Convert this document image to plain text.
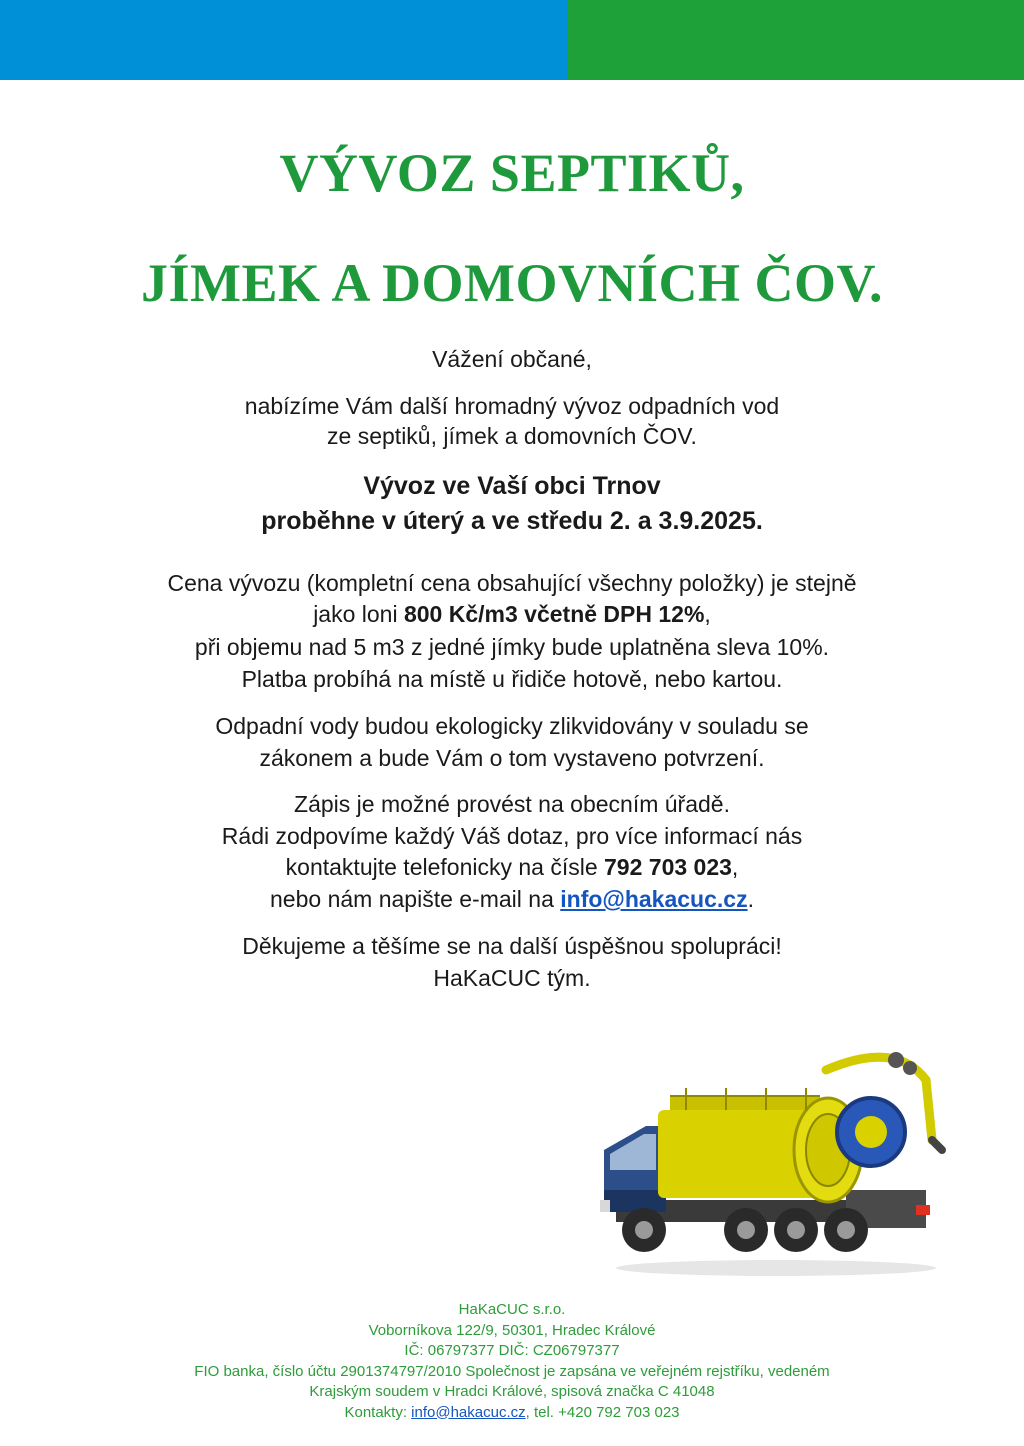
VÝVOZ SEPTIKŮ,
JÍMEK A DOMOVNÍCH ČOV.

Vážení občané,

nabízíme Vám další hromadný vývoz odpadních vod

ze septiků, jímek a domovních ČOV.

Vývoz ve Vaší obci Trnov

proběhne v úterý a ve středu 2. a 3.9.2025.

Cena vývozu (kompletní cena obsahující všechny položky) je stejně

jako loni 800 Kč/m3 včetně DPH 12%,

při objemu nad 5 m3 z jedné jímky bude uplatněna sleva 10%.

Platba probíhá na místě u řidiče hotově, nebo kartou.

Odpadní vody budou ekologicky zlikvidovány v souladu se

zákonem a bude Vám o tom vystaveno potvrzení.

Zápis je možné provést na obecním úřadě.

Rádi zodpovíme každý Váš dotaz, pro více informací nás

kontaktujte telefonicky na čísle 792 703 023,

nebo nám napište e-mail na info@hakacuc.cz.

Děkujeme a těšíme se na další úspěšnou spolupráci!

HaKaCUC tým.

HaKaCUC s.r.o.
Voborníkova 122/9, 50301, Hradec Králové
IČ: 06797377 DIČ: CZ06797377
FIO banka, číslo účtu 2901374797/2010 Společnost je zapsána ve veřejném rejstříku, vedeném
Krajským soudem v Hradci Králové, spisová značka C 41048
Kontakty: info@hakacuc.cz, tel. +420 792 703 023
